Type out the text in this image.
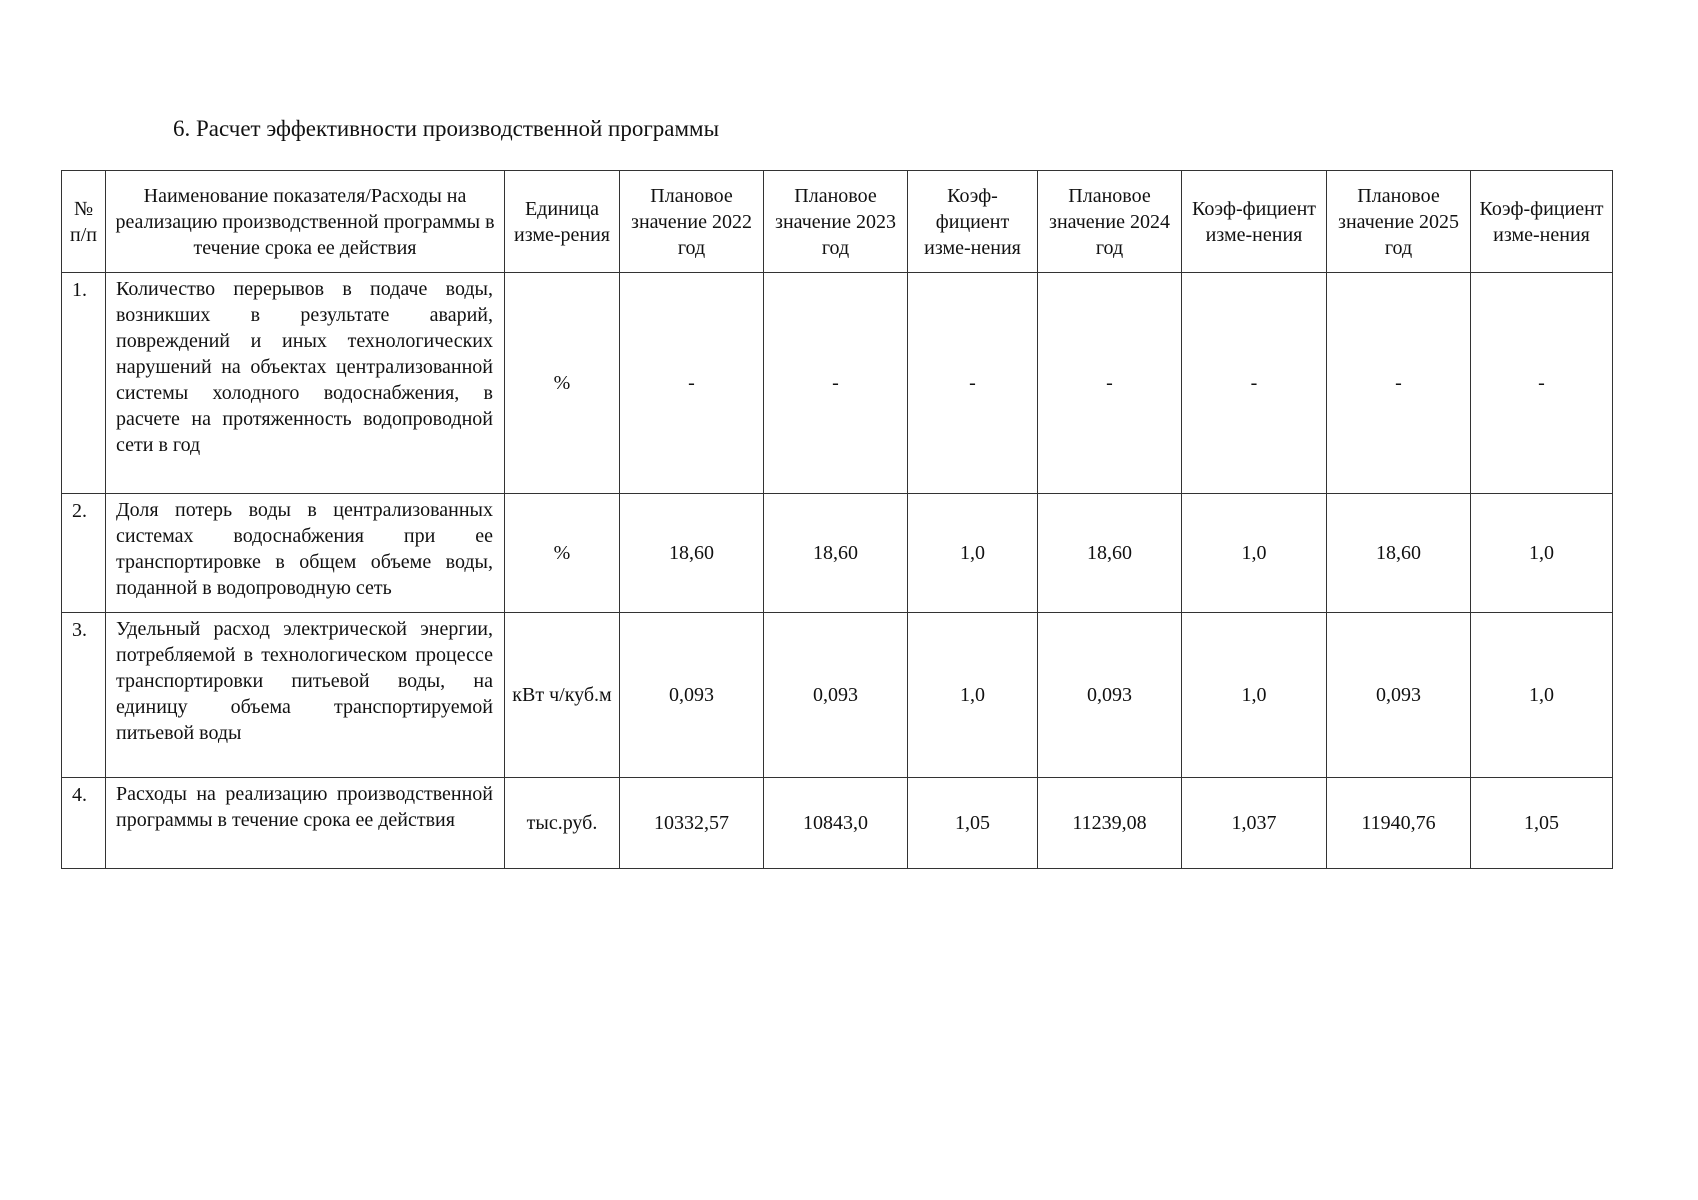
6. Расчет эффективности производственной программы
№ п/п	Наименование показателя/Расходы на реализацию производственной программы в течение срока ее действия	Единица изме-рения	Плановое значение 2022 год	Плановое значение 2023 год	Коэф-фициент изме-нения	Плановое значение 2024 год	Коэф-фициент изме-нения	Плановое значение 2025 год	Коэф-фициент изме-нения
1.	Количество перерывов в подаче воды, возникших в результате аварий, повреждений и иных технологических нарушений на объектах централизованной системы холодного водоснабжения, в расчете на протяженность водопроводной сети в год	%	-	-	-	-	-	-	-
2.	Доля потерь воды в централизованных системах водоснабжения при ее транспортировке в общем объеме воды, поданной в водопроводную сеть	%	18,60	18,60	1,0	18,60	1,0	18,60	1,0
3.	Удельный расход электрической энергии, потребляемой в технологическом процессе транспортировки питьевой воды, на единицу объема транспортируемой питьевой воды	кВт ч/куб.м	0,093	0,093	1,0	0,093	1,0	0,093	1,0
4.	Расходы на реализацию производственной программы в течение срока ее действия	тыс.руб.	10332,57	10843,0	1,05	11239,08	1,037	11940,76	1,05
